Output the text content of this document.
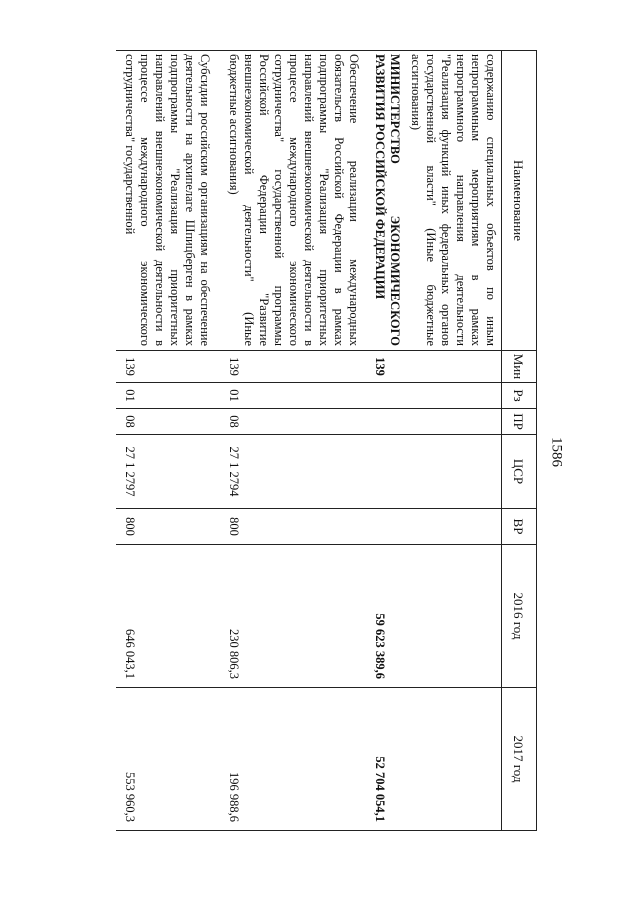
1586
Наименование	Мин	Рз	ПР	ЦСР	ВР	2016 год	2017 год
содержанию специальных объектов по иным непрограммным мероприятиям в рамках непрограммного направления деятельности "Реализация функций иных федеральных органов государственной власти" (Иные бюджетные ассигнования)							
МИНИСТЕРСТВО ЭКОНОМИЧЕСКОГО РАЗВИТИЯ РОССИЙСКОЙ ФЕДЕРАЦИИ	139					59 623 389,6	52 704 054,1
Обеспечение реализации международных обязательств Российской Федерации в рамках подпрограммы "Реализация приоритетных направлений внешнеэкономической деятельности в процессе международного экономического сотрудничества" государственной программы Российской Федерации "Развитие внешнеэкономической деятельности" (Иные бюджетные ассигнования)	139	01	08	27 1 2794	800	230 806,3	196 988,6
Субсидии российским организациям на обеспечение деятельности на архипелаге Шпицберген в рамках подпрограммы "Реализация приоритетных направлений внешнеэкономической деятельности в процессе международного экономического сотрудничества" государственной	139	01	08	27 1 2797	800	646 043,1	553 960,3
